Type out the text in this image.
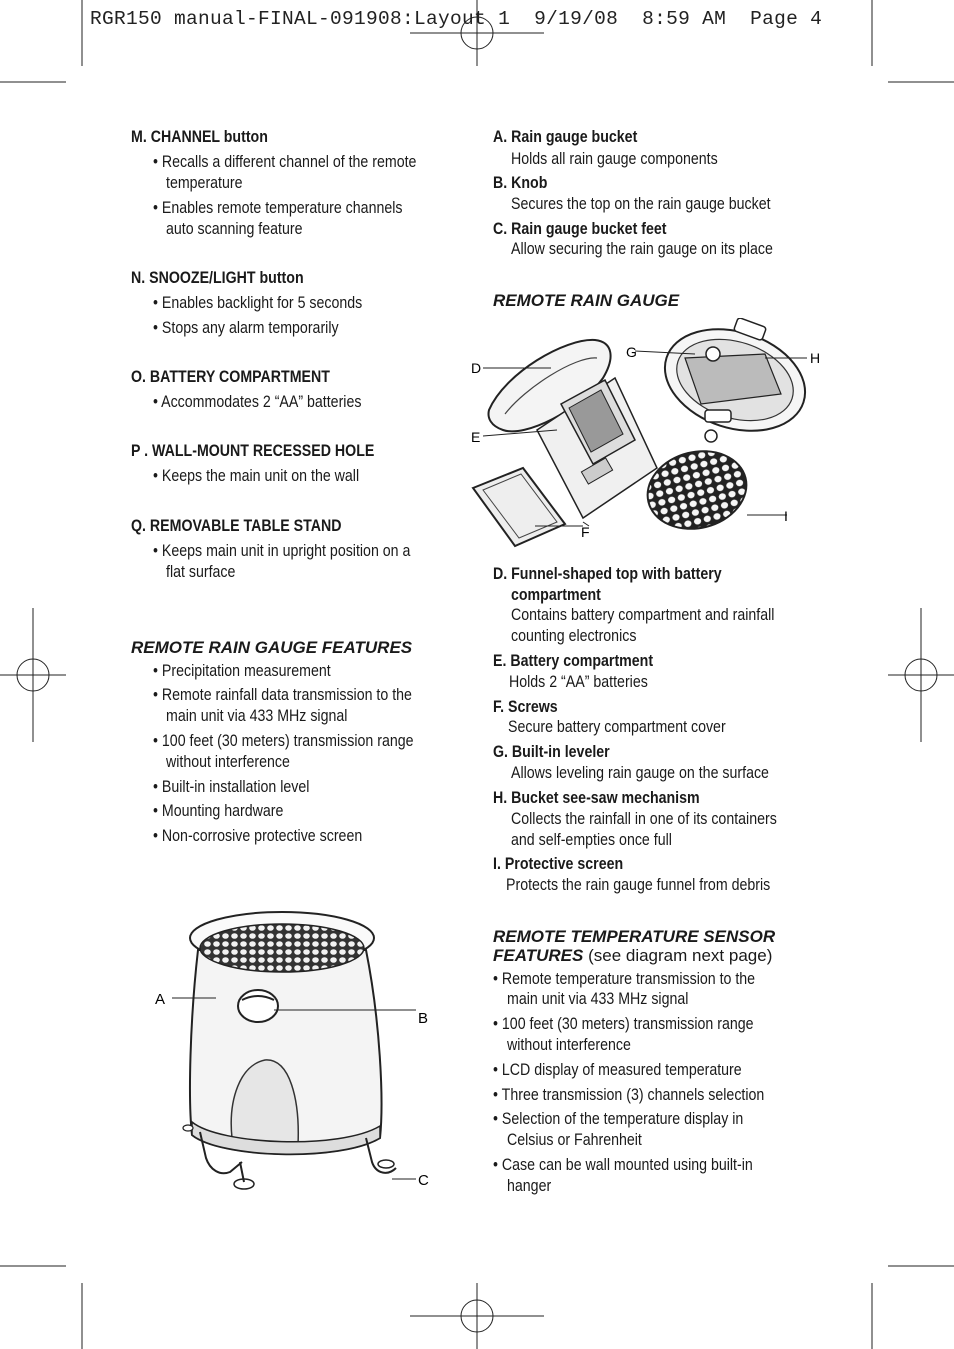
RGR150 manual-FINAL-091908:Layout 1  9/19/08  8:59 AM  Page 4
M. CHANNEL button
• Recalls a different channel of the remote
temperature
• Enables remote temperature channels
auto scanning feature
N. SNOOZE/LIGHT button
• Enables backlight for 5 seconds
• Stops any alarm temporarily
O. BATTERY COMPARTMENT
• Accommodates 2 “AA” batteries
P . WALL-MOUNT RECESSED HOLE
• Keeps the main unit on the wall
Q. REMOVABLE TABLE STAND
• Keeps main unit in upright position on a
flat surface
REMOTE RAIN GAUGE FEATURES
• Precipitation measurement
• Remote rainfall data transmission to the
main unit via 433 MHz signal
• 100 feet (30 meters) transmission range
without interference
• Built-in installation level
• Mounting hardware
• Non-corrosive protective screen
A
B
C
A. Rain gauge bucket
Holds all rain gauge components
B. Knob
Secures the top on the rain gauge bucket
C. Rain gauge bucket feet
Allow securing the rain gauge on its place
REMOTE RAIN GAUGE
D
E
F
G	H
I
D. Funnel-shaped top with battery
compartment
Contains battery compartment and rainfall
counting electronics
E. Battery compartment
Holds 2 “AA” batteries
F. Screws
Secure battery compartment cover
G. Built-in leveler
Allows leveling rain gauge on the surface
H. Bucket see-saw mechanism
Collects the rainfall in one of its containers
and self-empties once full
I. Protective screen
Protects the rain gauge funnel from debris
REMOTE TEMPERATURE SENSOR
FEATURES (see diagram next page)
• Remote temperature transmission to the
main unit via 433 MHz signal
• 100 feet (30 meters) transmission range
without interference
• LCD display of measured temperature
• Three transmission (3) channels selection
• Selection of the temperature display in
Celsius or Fahrenheit
• Case can be wall mounted using built-in
hanger
